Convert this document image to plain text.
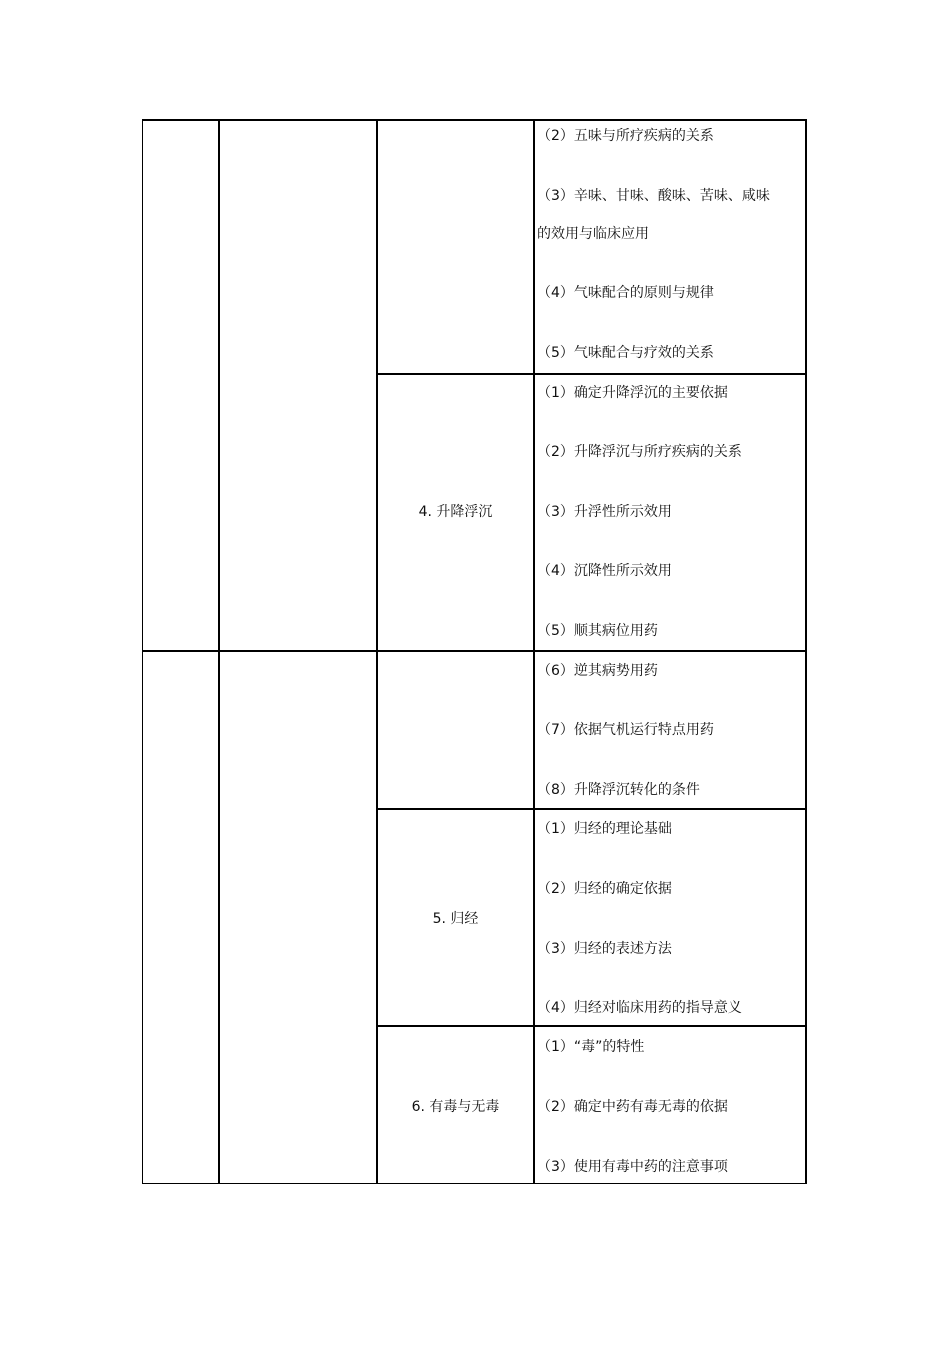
（2）五味与所疗疾病的关系
（3）辛味、甘味、酸味、苦味、咸味
的效用与临床应用
（4）气味配合的原则与规律
（5）气味配合与疗效的关系
4. 升降浮沉
（1）确定升降浮沉的主要依据
（2）升降浮沉与所疗疾病的关系
（3）升浮性所示效用
（4）沉降性所示效用
（5）顺其病位用药
（6）逆其病势用药
（7）依据气机运行特点用药
（8）升降浮沉转化的条件
5. 归经
（1）归经的理论基础
（2）归经的确定依据
（3）归经的表述方法
（4）归经对临床用药的指导意义
6. 有毒与无毒
（1）“毒”的特性
（2）确定中药有毒无毒的依据
（3）使用有毒中药的注意事项
